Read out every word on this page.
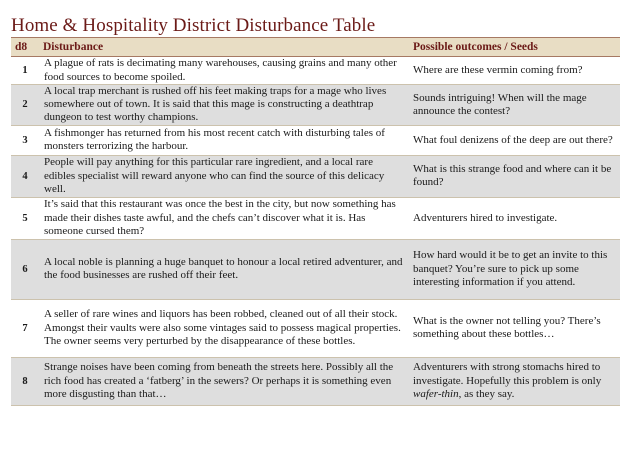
Home & Hospitality District Disturbance Table
d8	Disturbance	Possible outcomes / Seeds
1	A plague of rats is decimating many warehouses, causing grains and many other food sources to become spoiled.	Where are these vermin coming from?
2	A local trap merchant is rushed off his feet making traps for a mage who lives somewhere out of town. It is said that this mage is constructing a deathtrap dungeon to test worthy champions.	Sounds intriguing! When will the mage announce the contest?
3	A fishmonger has returned from his most recent catch with disturbing tales of monsters terrorizing the harbour.	What foul denizens of the deep are out there?
4	People will pay anything for this particular rare ingredient, and a local rare edibles specialist will reward anyone who can find the source of this delicacy well.	What is this strange food and where can it be found?
5	It’s said that this restaurant was once the best in the city, but now something has made their dishes taste awful, and the chefs can’t discover what it is. Has someone cursed them?	Adventurers hired to investigate.
6	A local noble is planning a huge banquet to honour a local retired adventurer, and the food businesses are rushed off their feet.	How hard would it be to get an invite to this banquet? You’re sure to pick up some interesting information if you attend.
7	A seller of rare wines and liquors has been robbed, cleaned out of all their stock. Amongst their vaults were also some vintages said to possess magical properties. The owner seems very perturbed by the disappearance of these bottles.	What is the owner not telling you? There’s something about these bottles…
8	Strange noises have been coming from beneath the streets here. Possibly all the rich food has created a ‘fatberg’ in the sewers? Or perhaps it is something even more disgusting than that…	Adventurers with strong stomachs hired to investigate. Hopefully this problem is only wafer-thin, as they say.
